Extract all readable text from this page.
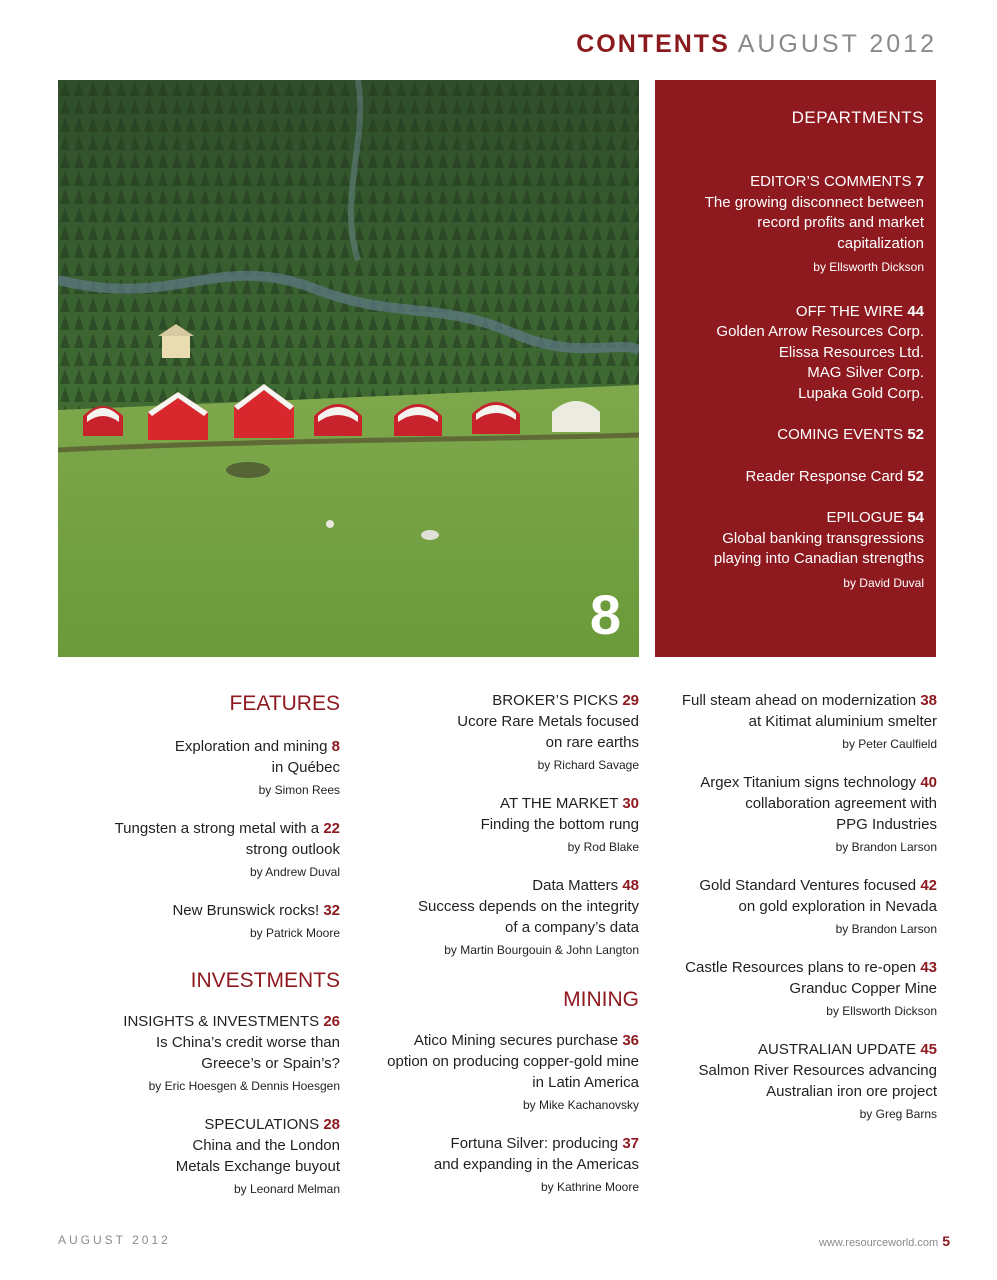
CONTENTS AUGUST 2012
8
DEPARTMENTS
EDITOR’S COMMENTS 7
The growing disconnect between
record profits and market
capitalization
by Ellsworth Dickson
OFF THE WIRE 44
Golden Arrow Resources Corp.
Elissa Resources Ltd.
MAG Silver Corp.
Lupaka Gold Corp.
COMING EVENTS 52
Reader Response Card 52
EPILOGUE 54
Global banking transgressions
playing into Canadian strengths
by David Duval
FEATURES
Exploration and mining 8
in Québec
by Simon Rees
Tungsten a strong metal with a 22
strong outlook
by Andrew Duval
New Brunswick rocks! 32
by Patrick Moore
INVESTMENTS
INSIGHTS & INVESTMENTS 26
Is China’s credit worse than
Greece’s or Spain’s?
by Eric Hoesgen & Dennis Hoesgen
SPECULATIONS 28
China and the London
Metals Exchange buyout
by Leonard Melman
BROKER’S PICKS 29
Ucore Rare Metals focused
on rare earths
by Richard Savage
AT THE MARKET 30
Finding the bottom rung
by Rod Blake
Data Matters 48
Success depends on the integrity
of a company’s data
by Martin Bourgouin & John Langton
MINING
Atico Mining secures purchase 36
option on producing copper-gold mine
in Latin America
by Mike Kachanovsky
Fortuna Silver: producing 37
and expanding in the Americas
by Kathrine Moore
Full steam ahead on modernization 38
at Kitimat aluminium smelter
by Peter Caulfield
Argex Titanium signs technology 40
collaboration agreement with
PPG Industries
by Brandon Larson
Gold Standard Ventures focused 42
on gold exploration in Nevada
by Brandon Larson
Castle Resources plans to re-open 43
Granduc Copper Mine
by Ellsworth Dickson
AUSTRALIAN UPDATE 45
Salmon River Resources advancing
Australian iron ore project
by Greg Barns
AUGUST 2012	www.resourceworld.com 5
